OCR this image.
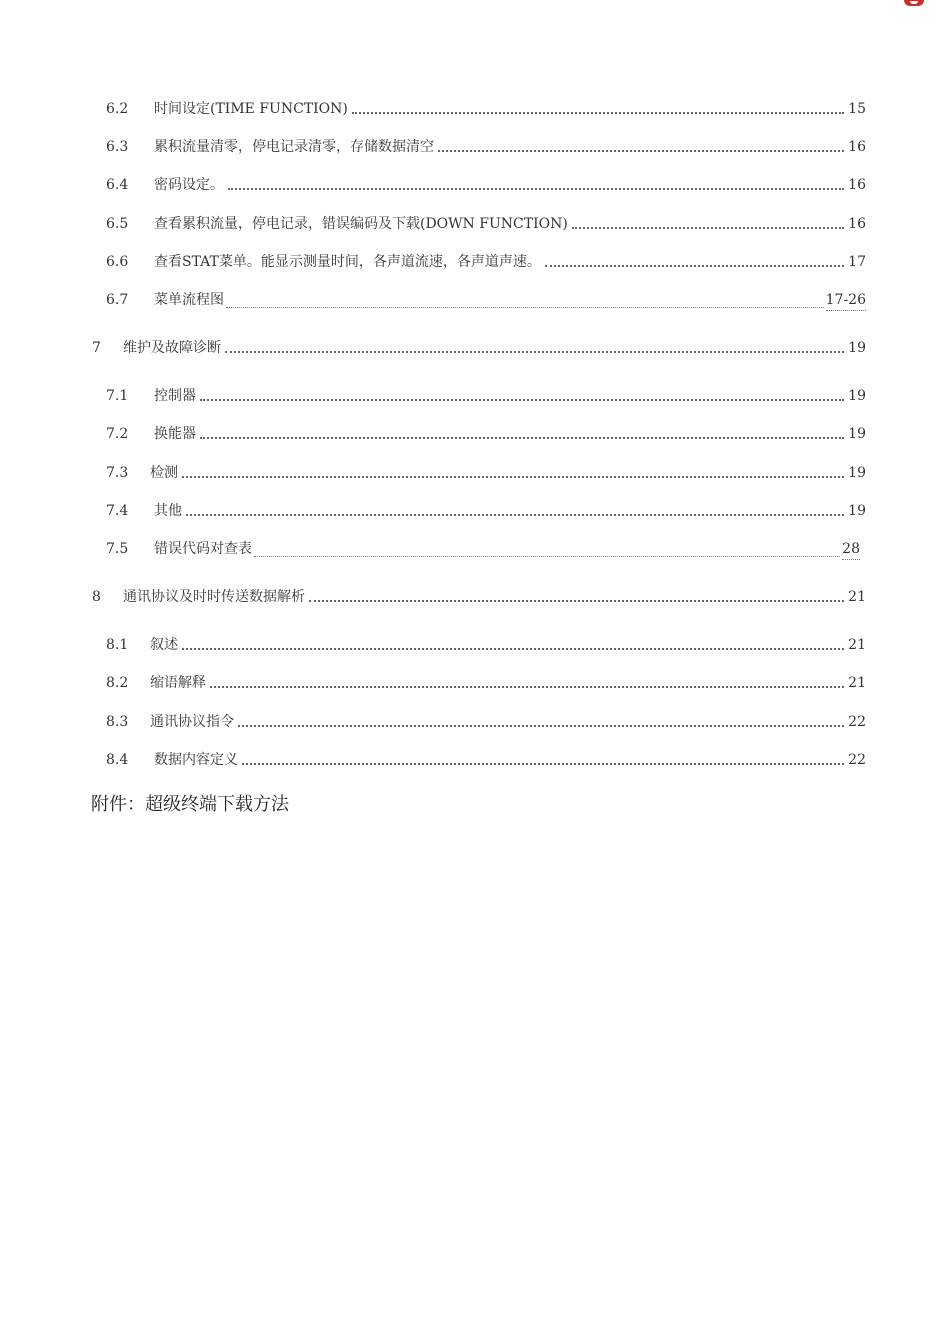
6.2	时间设定(TIME FUNCTION)	15
6.3	累积流量清零，停电记录清零，存储数据清空	16
6.4	密码设定。	16
6.5	查看累积流量，停电记录，错误编码及下载(DOWN FUNCTION)	16
6.6	查看STAT菜单。能显示测量时间，各声道流速，各声道声速。	17
6.7	菜单流程图	17-26
7	维护及故障诊断	19
7.1	控制器	19
7.2	换能器	19
7.3	检测	19
7.4	其他	19
7.5	错误代码对查表	28
8	通讯协议及时时传送数据解析	21
8.1	叙述	21
8.2	缩语解释	21
8.3	通讯协议指令	22
8.4	数据内容定义	22
附件：超级终端下载方法
